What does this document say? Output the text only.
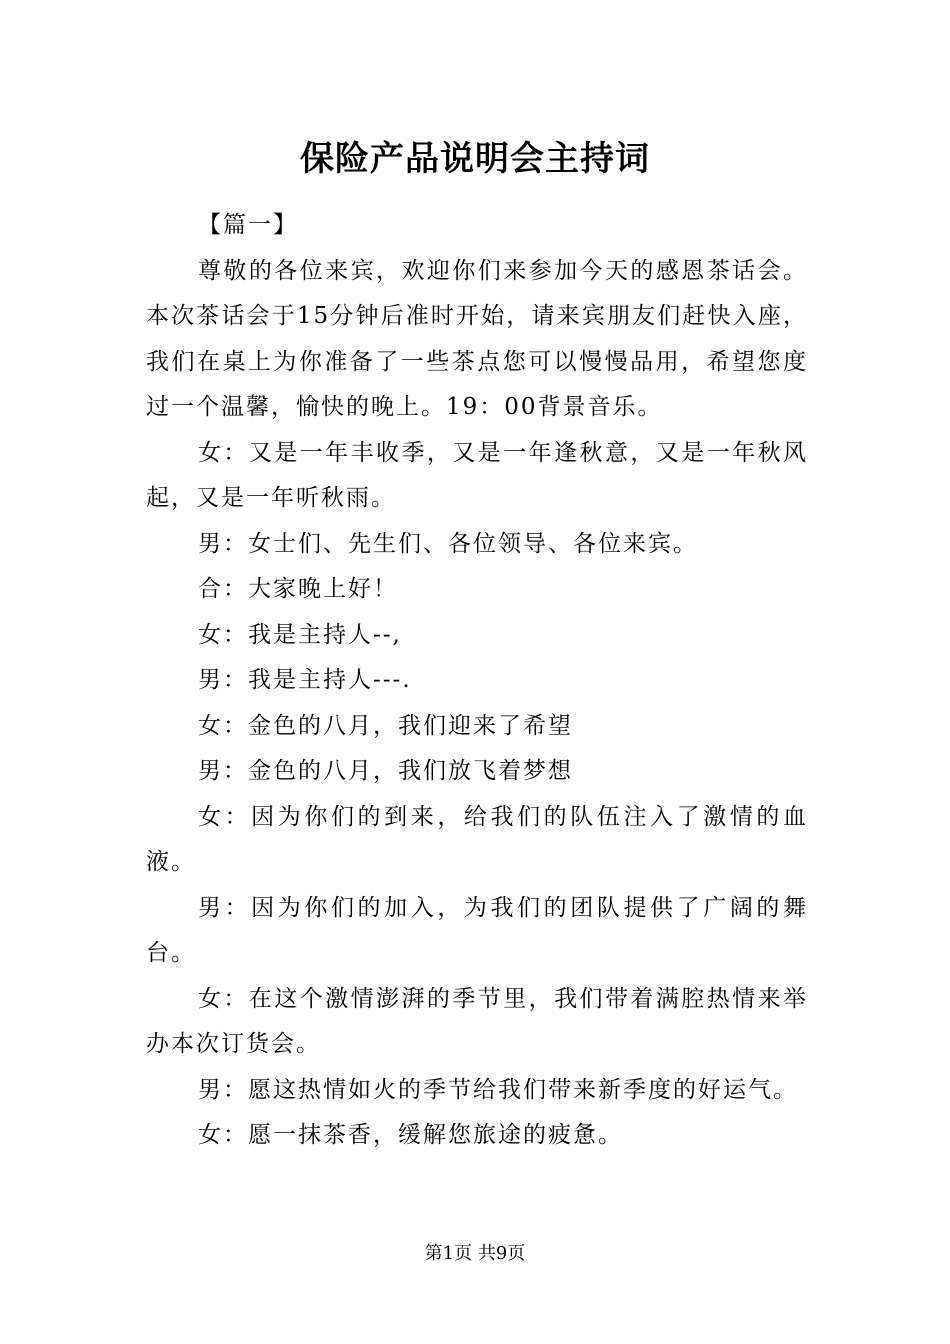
保险产品说明会主持词

【篇一】

尊敬的各位来宾，欢迎你们来参加今天的感恩茶话会。本次茶话会于15分钟后准时开始，请来宾朋友们赶快入座，我们在桌上为你准备了一些茶点您可以慢慢品用，希望您度过一个温馨，愉快的晚上。19：00背景音乐。

女：又是一年丰收季，又是一年逢秋意，又是一年秋风起，又是一年听秋雨。

男：女士们、先生们、各位领导、各位来宾。

合：大家晚上好！

女：我是主持人--,

男：我是主持人---.

女：金色的八月，我们迎来了希望

男：金色的八月，我们放飞着梦想

女：因为你们的到来，给我们的队伍注入了激情的血液。

男：因为你们的加入，为我们的团队提供了广阔的舞台。

女：在这个激情澎湃的季节里，我们带着满腔热情来举办本次订货会。

男：愿这热情如火的季节给我们带来新季度的好运气。

女：愿一抹茶香，缓解您旅途的疲惫。

第1页 共9页
